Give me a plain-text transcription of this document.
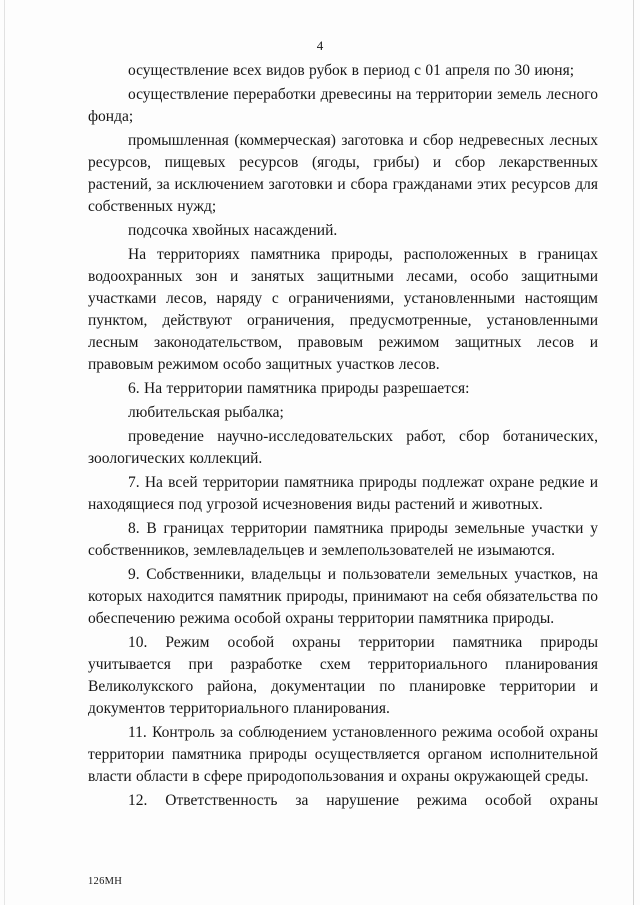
4

осуществление всех видов рубок в период с 01 апреля по 30 июня;

осуществление переработки древесины на территории земель лесного фонда;

промышленная (коммерческая) заготовка и сбор недревесных лесных ресурсов, пищевых ресурсов (ягоды, грибы) и сбор лекарственных растений, за исключением заготовки и сбора гражданами этих ресурсов для собственных нужд;

подсочка хвойных насаждений.

На территориях памятника природы, расположенных в границах водоохранных зон и занятых защитными лесами, особо защитными участками лесов, наряду с ограничениями, установленными настоящим пунктом, действуют ограничения, предусмотренные, установленными лесным законодательством, правовым режимом защитных лесов и правовым режимом особо защитных участков лесов.

6. На территории памятника природы разрешается:

любительская рыбалка;

проведение научно-исследовательских работ, сбор ботанических, зоологических коллекций.

7. На всей территории памятника природы подлежат охране редкие и находящиеся под угрозой исчезновения виды растений и животных.

8. В границах территории памятника природы земельные участки у собственников, землевладельцев и землепользователей не изымаются.

9. Собственники, владельцы и пользователи земельных участков, на которых находится памятник природы, принимают на себя обязательства по обеспечению режима особой охраны территории памятника природы.

10. Режим особой охраны территории памятника природы учитывается при разработке схем территориального планирования Великолукского района, документации по планировке территории и документов территориального планирования.

11. Контроль за соблюдением установленного режима особой охраны территории памятника природы осуществляется органом исполнительной власти области в сфере природопользования и охраны окружающей среды.

12. Ответственность за нарушение режима особой охраны

126МН
